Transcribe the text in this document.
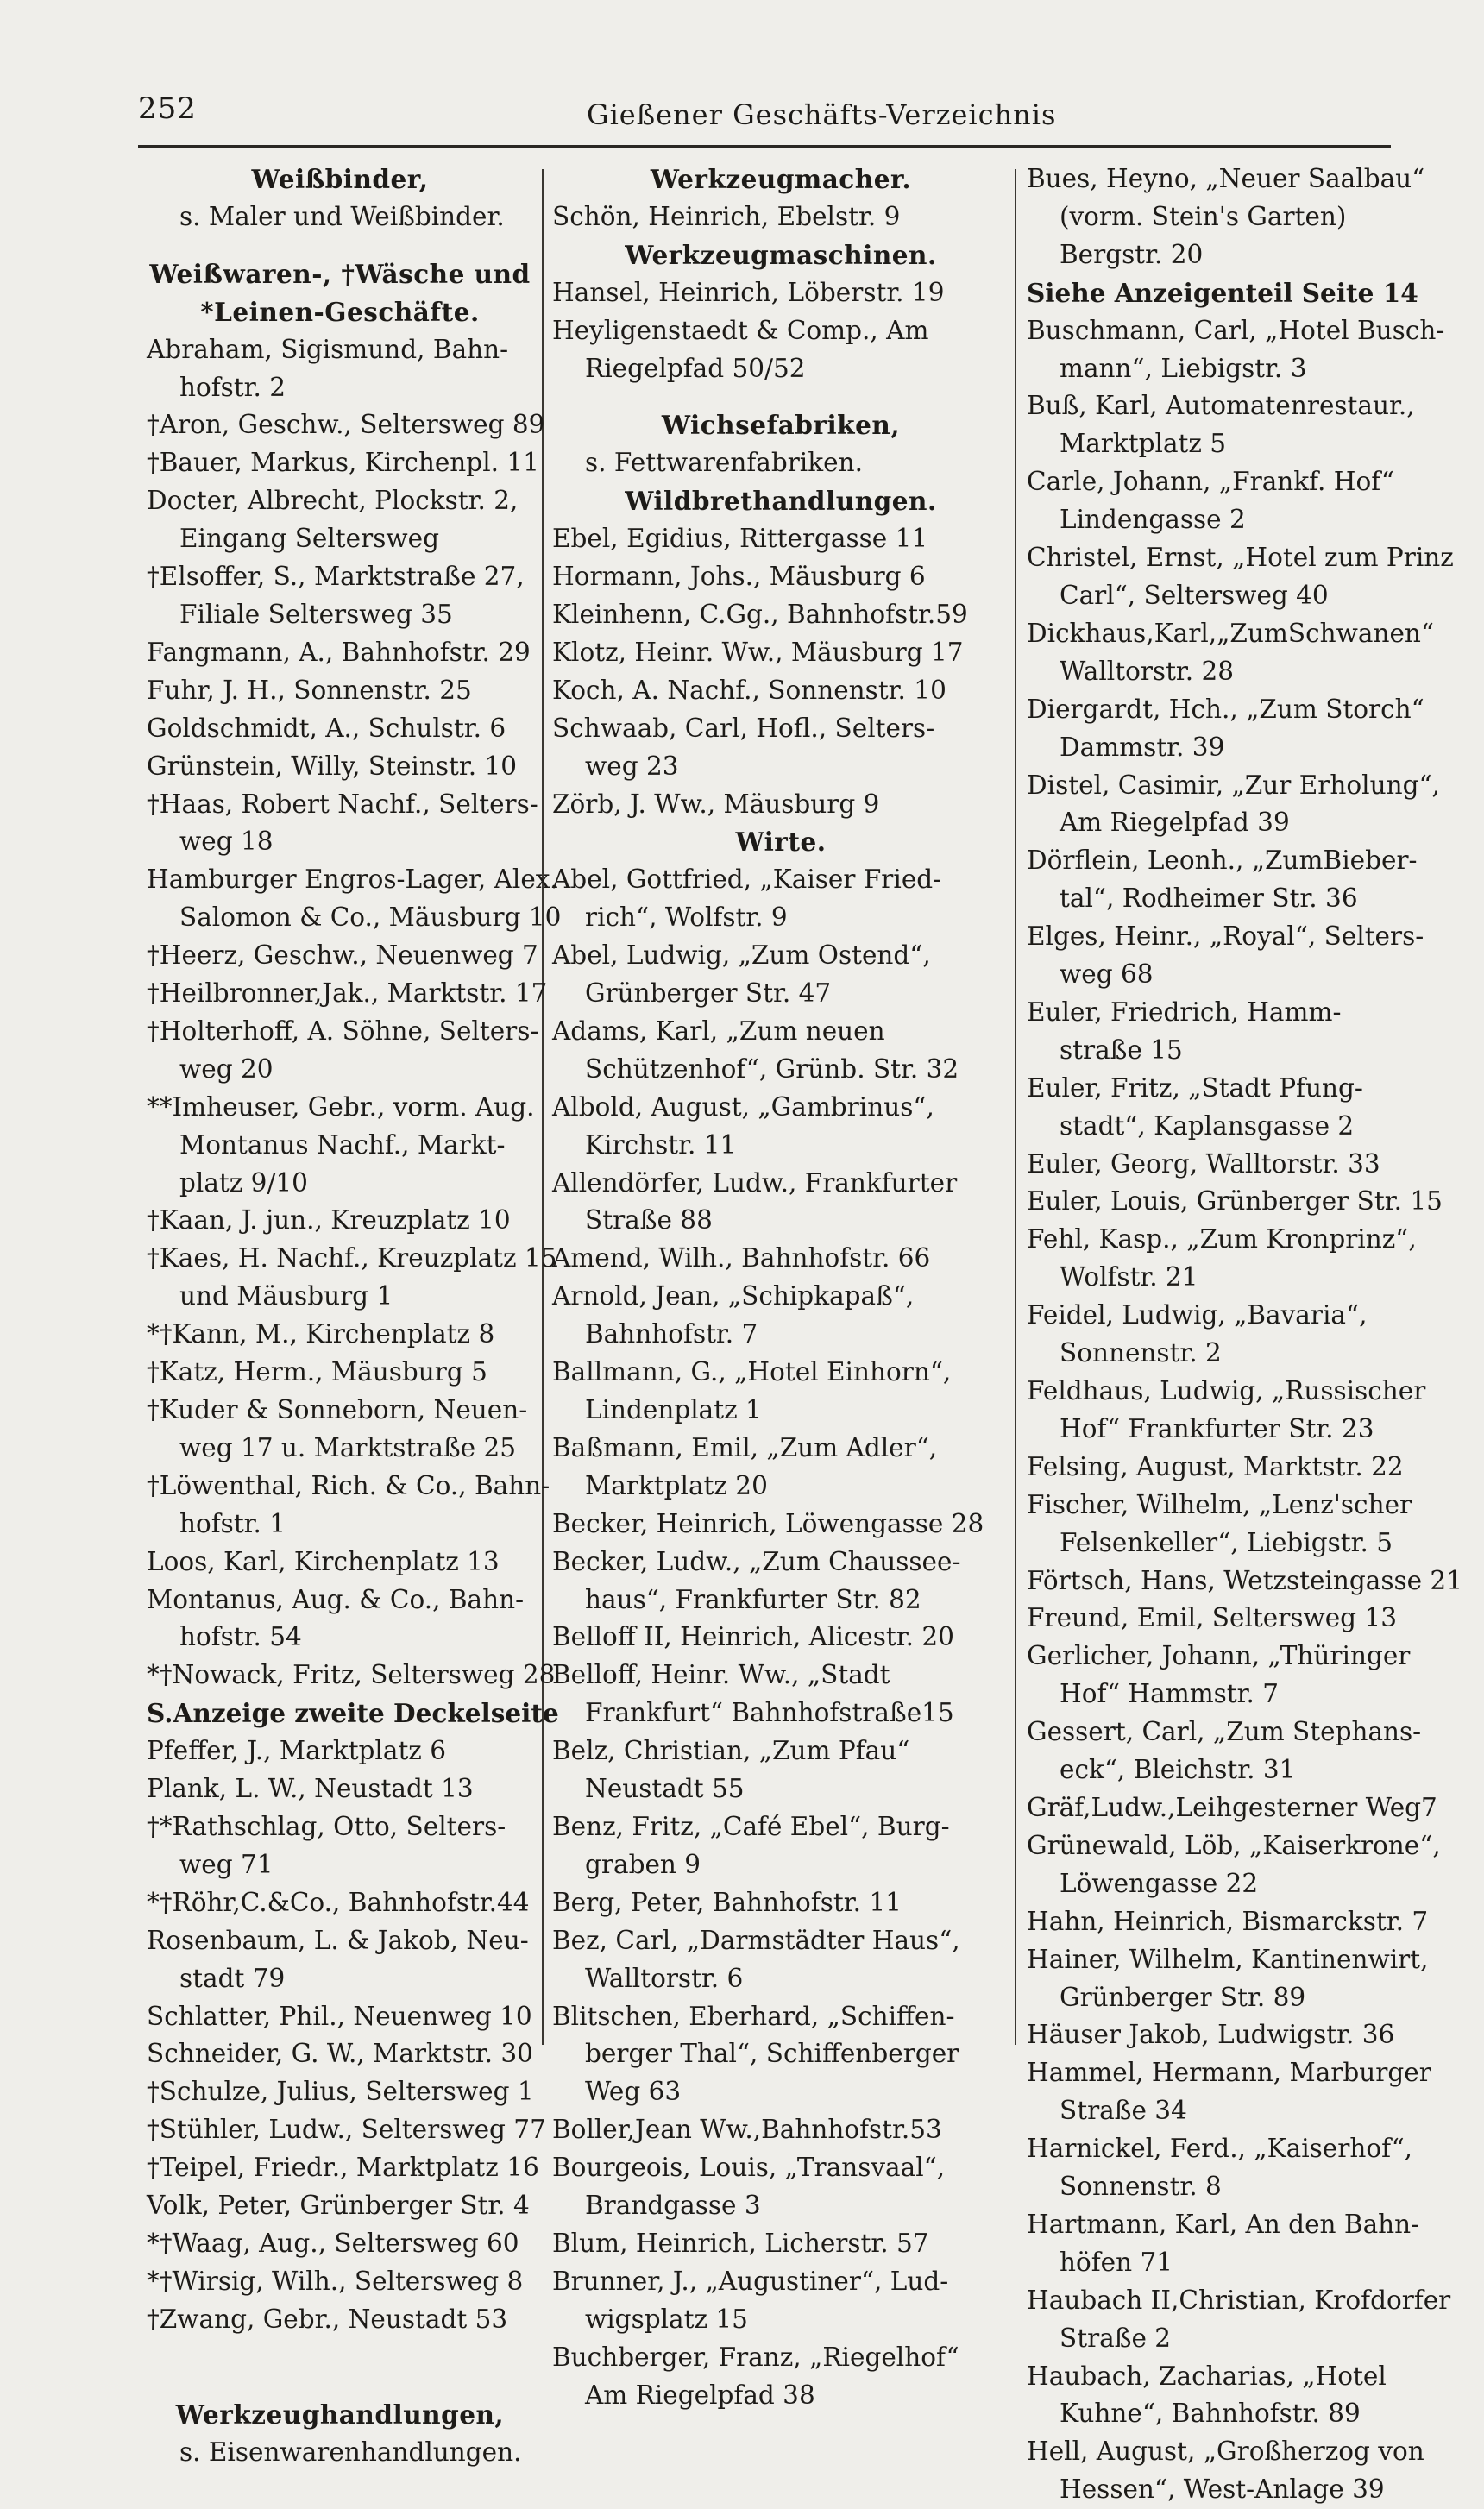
252	Gießener Geschäfts-Verzeichnis
Weißbinder,
s. Maler und Weißbinder.
Weißwaren-, †Wäsche und
*Leinen-Geschäfte.
Abraham, Sigismund, Bahn-
hofstr. 2
†Aron, Geschw., Seltersweg 89
†Bauer, Markus, Kirchenpl. 11
Docter, Albrecht, Plockstr. 2,
Eingang Seltersweg
†Elsoffer, S., Marktstraße 27,
Filiale Seltersweg 35
Fangmann, A., Bahnhofstr. 29
Fuhr, J. H., Sonnenstr. 25
Goldschmidt, A., Schulstr. 6
Grünstein, Willy, Steinstr. 10
†Haas, Robert Nachf., Selters-
weg 18
Hamburger Engros-Lager, Alex.
Salomon & Co., Mäusburg 10
†Heerz, Geschw., Neuenweg 7
†Heilbronner,Jak., Marktstr. 17
†Holterhoff, A. Söhne, Selters-
weg 20
**Imheuser, Gebr., vorm. Aug.
Montanus Nachf., Markt-
platz 9/10
†Kaan, J. jun., Kreuzplatz 10
†Kaes, H. Nachf., Kreuzplatz 15
und Mäusburg 1
*†Kann, M., Kirchenplatz 8
†Katz, Herm., Mäusburg 5
†Kuder & Sonneborn, Neuen-
weg 17 u. Marktstraße 25
†Löwenthal, Rich. & Co., Bahn-
hofstr. 1
Loos, Karl, Kirchenplatz 13
Montanus, Aug. & Co., Bahn-
hofstr. 54
*†Nowack, Fritz, Seltersweg 28
S.Anzeige zweite Deckelseite
Pfeffer, J., Marktplatz 6
Plank, L. W., Neustadt 13
†*Rathschlag, Otto, Selters-
weg 71
*†Röhr,C.&Co., Bahnhofstr.44
Rosenbaum, L. & Jakob, Neu-
stadt 79
Schlatter, Phil., Neuenweg 10
Schneider, G. W., Marktstr. 30
†Schulze, Julius, Seltersweg 1
†Stühler, Ludw., Seltersweg 77
†Teipel, Friedr., Marktplatz 16
Volk, Peter, Grünberger Str. 4
*†Waag, Aug., Seltersweg 60
*†Wirsig, Wilh., Seltersweg 8
†Zwang, Gebr., Neustadt 53
Werkzeughandlungen,
s. Eisenwarenhandlungen.
Werkzeugmacher.
Schön, Heinrich, Ebelstr. 9
Werkzeugmaschinen.
Hansel, Heinrich, Löberstr. 19
Heyligenstaedt & Comp., Am
Riegelpfad 50/52
Wichsefabriken,
s. Fettwarenfabriken.
Wildbrethandlungen.
Ebel, Egidius, Rittergasse 11
Hormann, Johs., Mäusburg 6
Kleinhenn, C.Gg., Bahnhofstr.59
Klotz, Heinr. Ww., Mäusburg 17
Koch, A. Nachf., Sonnenstr. 10
Schwaab, Carl, Hofl., Selters-
weg 23
Zörb, J. Ww., Mäusburg 9
Wirte.
Abel, Gottfried, „Kaiser Fried-
rich“, Wolfstr. 9
Abel, Ludwig, „Zum Ostend“,
Grünberger Str. 47
Adams, Karl, „Zum neuen
Schützenhof“, Grünb. Str. 32
Albold, August, „Gambrinus“,
Kirchstr. 11
Allendörfer, Ludw., Frankfurter
Straße 88
Amend, Wilh., Bahnhofstr. 66
Arnold, Jean, „Schipkapaß“,
Bahnhofstr. 7
Ballmann, G., „Hotel Einhorn“,
Lindenplatz 1
Baßmann, Emil, „Zum Adler“,
Marktplatz 20
Becker, Heinrich, Löwengasse 28
Becker, Ludw., „Zum Chaussee-
haus“, Frankfurter Str. 82
Belloff II, Heinrich, Alicestr. 20
Belloff, Heinr. Ww., „Stadt
Frankfurt“ Bahnhofstraße15
Belz, Christian, „Zum Pfau“
Neustadt 55
Benz, Fritz, „Café Ebel“, Burg-
graben 9
Berg, Peter, Bahnhofstr. 11
Bez, Carl, „Darmstädter Haus“,
Walltorstr. 6
Blitschen, Eberhard, „Schiffen-
berger Thal“, Schiffenberger
Weg 63
Boller,Jean Ww.,Bahnhofstr.53
Bourgeois, Louis, „Transvaal“,
Brandgasse 3
Blum, Heinrich, Licherstr. 57
Brunner, J., „Augustiner“, Lud-
wigsplatz 15
Buchberger, Franz, „Riegelhof“
Am Riegelpfad 38
Bues, Heyno, „Neuer Saalbau“
(vorm. Stein's Garten)
Bergstr. 20
Siehe Anzeigenteil Seite 14
Buschmann, Carl, „Hotel Busch-
mann“, Liebigstr. 3
Buß, Karl, Automatenrestaur.,
Marktplatz 5
Carle, Johann, „Frankf. Hof“
Lindengasse 2
Christel, Ernst, „Hotel zum Prinz
Carl“, Seltersweg 40
Dickhaus,Karl,„ZumSchwanen“
Walltorstr. 28
Diergardt, Hch., „Zum Storch“
Dammstr. 39
Distel, Casimir, „Zur Erholung“,
Am Riegelpfad 39
Dörflein, Leonh., „ZumBieber-
tal“, Rodheimer Str. 36
Elges, Heinr., „Royal“, Selters-
weg 68
Euler, Friedrich, Hamm-
straße 15
Euler, Fritz, „Stadt Pfung-
stadt“, Kaplansgasse 2
Euler, Georg, Walltorstr. 33
Euler, Louis, Grünberger Str. 15
Fehl, Kasp., „Zum Kronprinz“,
Wolfstr. 21
Feidel, Ludwig, „Bavaria“,
Sonnenstr. 2
Feldhaus, Ludwig, „Russischer
Hof“ Frankfurter Str. 23
Felsing, August, Marktstr. 22
Fischer, Wilhelm, „Lenz'scher
Felsenkeller“, Liebigstr. 5
Förtsch, Hans, Wetzsteingasse 21
Freund, Emil, Seltersweg 13
Gerlicher, Johann, „Thüringer
Hof“ Hammstr. 7
Gessert, Carl, „Zum Stephans-
eck“, Bleichstr. 31
Gräf,Ludw.,Leihgesterner Weg7
Grünewald, Löb, „Kaiserkrone“,
Löwengasse 22
Hahn, Heinrich, Bismarckstr. 7
Hainer, Wilhelm, Kantinenwirt,
Grünberger Str. 89
Häuser Jakob, Ludwigstr. 36
Hammel, Hermann, Marburger
Straße 34
Harnickel, Ferd., „Kaiserhof“,
Sonnenstr. 8
Hartmann, Karl, An den Bahn-
höfen 71
Haubach II,Christian, Krofdorfer
Straße 2
Haubach, Zacharias, „Hotel
Kuhne“, Bahnhofstr. 89
Hell, August, „Großherzog von
Hessen“, West-Anlage 39
